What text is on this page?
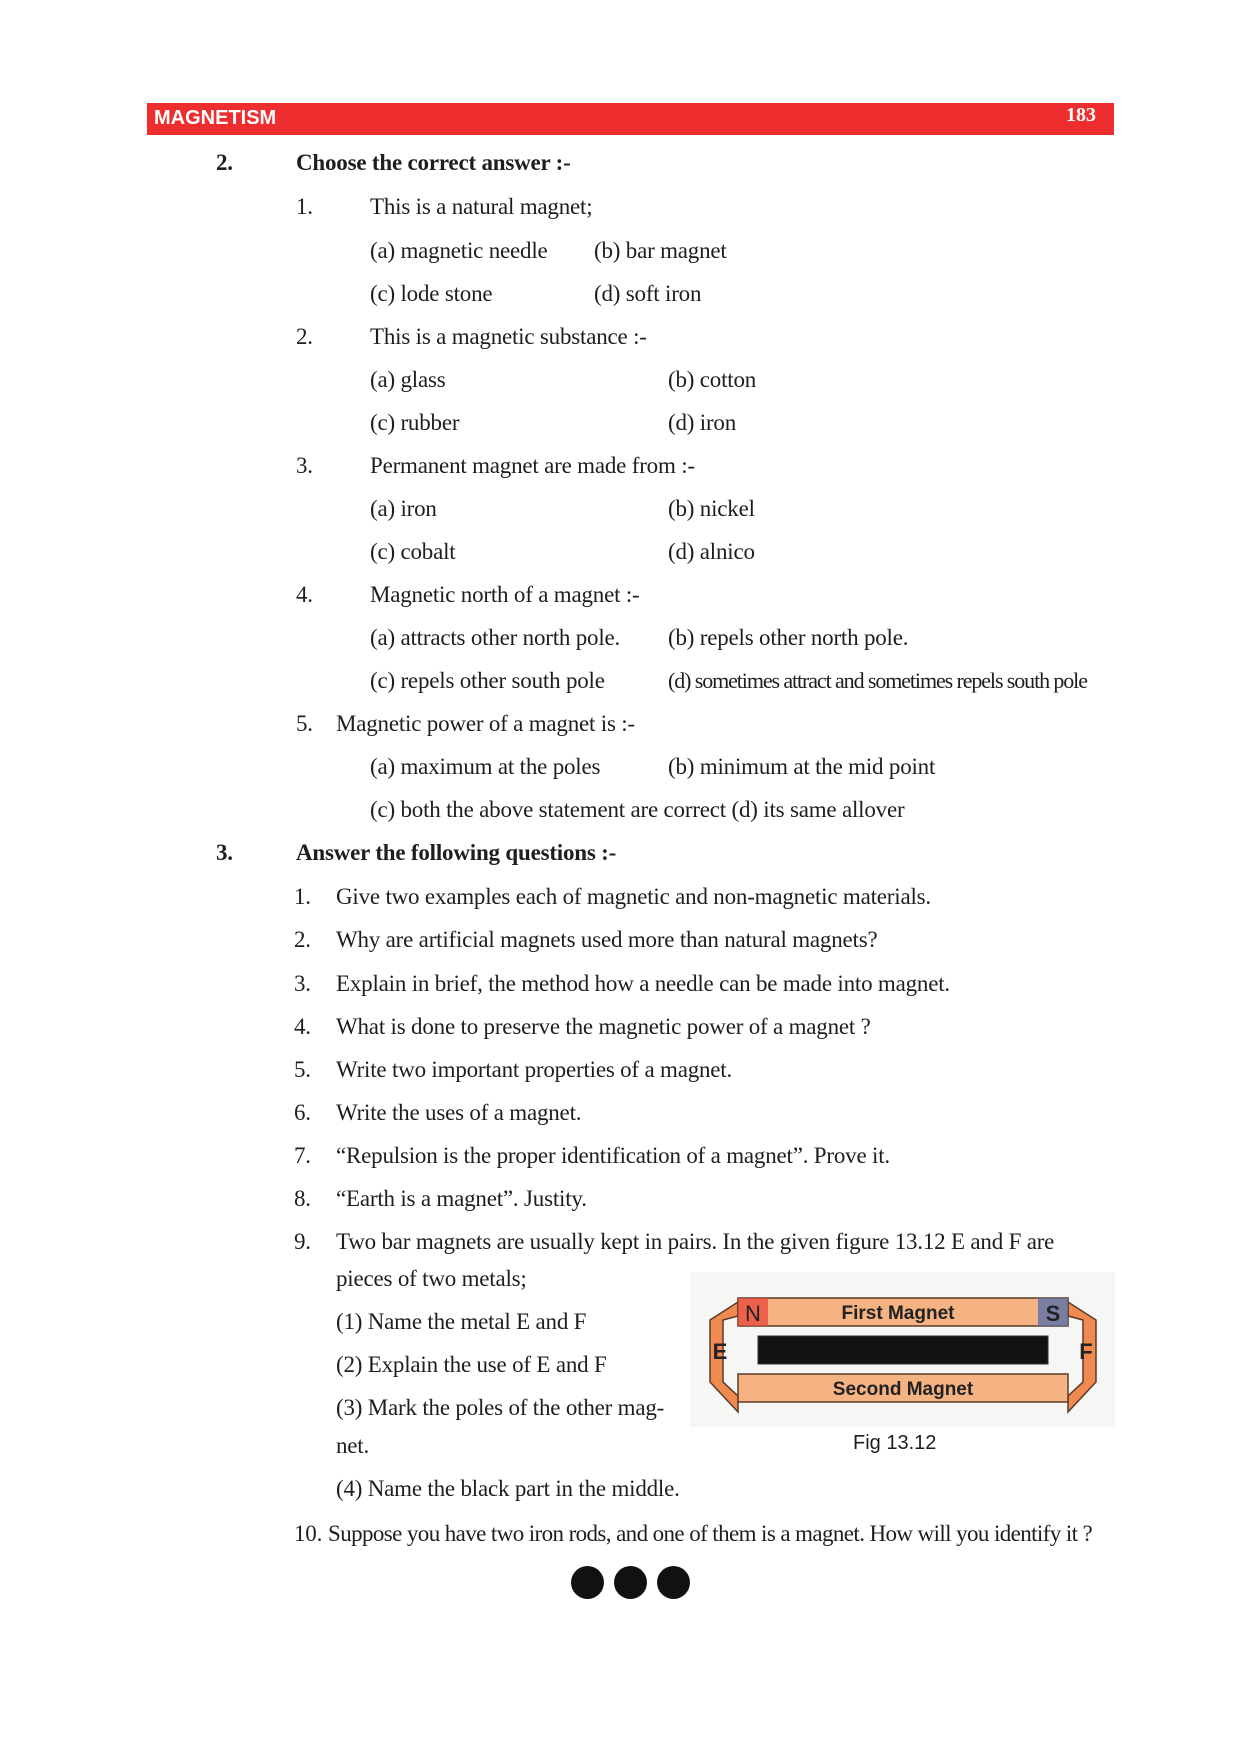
MAGNETISM	183
2.	Choose the correct answer :-
1. This is a natural magnet;
(a) magnetic needle (b) bar magnet
(c) lode stone	(d) soft iron
2. This is a magnetic substance :-
(a) glass	(b) cotton
(c) rubber	(d) iron
3. Permanent magnet are made from :-
(a) iron	(b) nickel
(c) cobalt	(d) alnico
4. Magnetic north of a magnet :-
(a) attracts other north pole. (b) repels other north pole.
(c) repels other south pole	(d) sometimes attract and sometimes repels south pole
5. Magnetic power of a magnet is :-
(a) maximum at the poles	(b) minimum at the mid point
(c) both the above statement are correct (d) its same allover
3.	Answer the following questions :-
1. Give two examples each of magnetic and non-magnetic materials.
2. Why are artificial magnets used more than natural magnets?
3. Explain in brief, the method how a needle can be made into magnet.
4. What is done to preserve the magnetic power of a magnet ?
5. Write two important properties of a magnet.
6. Write the uses of a magnet.
7. “Repulsion is the proper identification of a magnet”. Prove it.
8. “Earth is a magnet”. Justity.
9. Two bar magnets are usually kept in pairs. In the given figure 13.12 E and F are
pieces of two metals;
(1) Name the metal E and F
(2) Explain the use of E and F
(3) Mark the poles of the other mag-
net.
(4) Name the black part in the middle.
10. Suppose you have two iron rods, and one of them is a magnet. How will you identify it ?
N	S
First Magnet
Second Magnet
E	F
Fig 13.12
